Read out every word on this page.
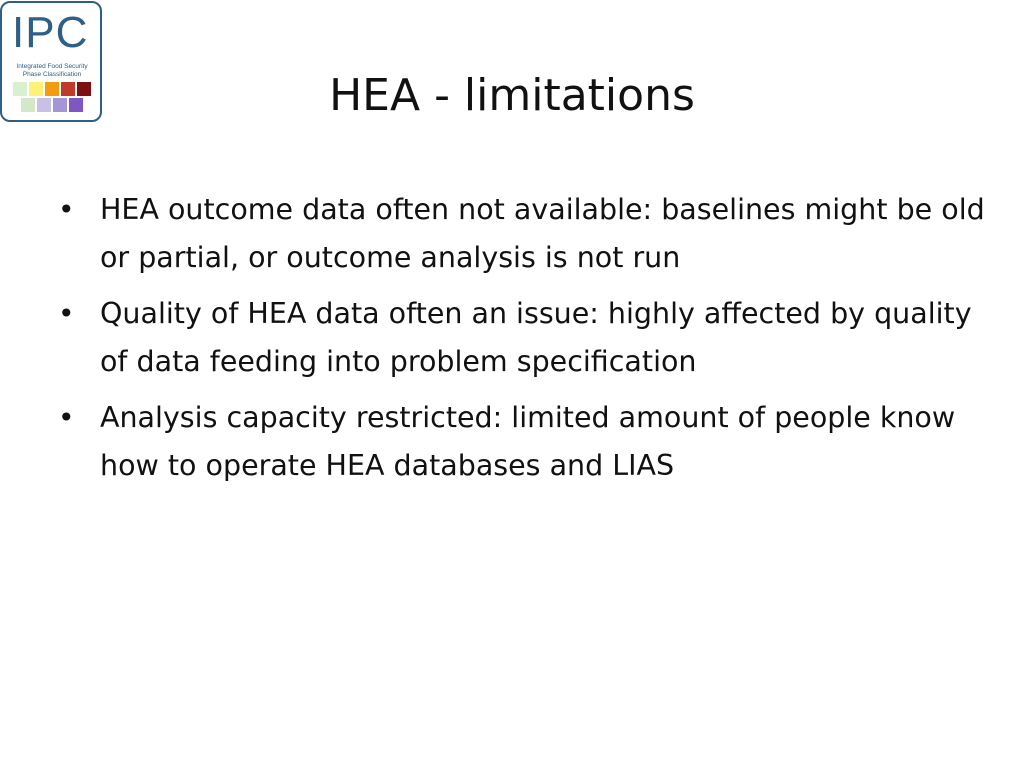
IPC
Integrated Food Security
Phase Classification	HEA - limitations
• HEA outcome data often not available: baselines might be old or partial, or outcome analysis is not run
• Quality of HEA data often an issue: highly affected by quality of data feeding into problem specification
• Analysis capacity restricted: limited amount of people know how to operate HEA databases and LIAS
